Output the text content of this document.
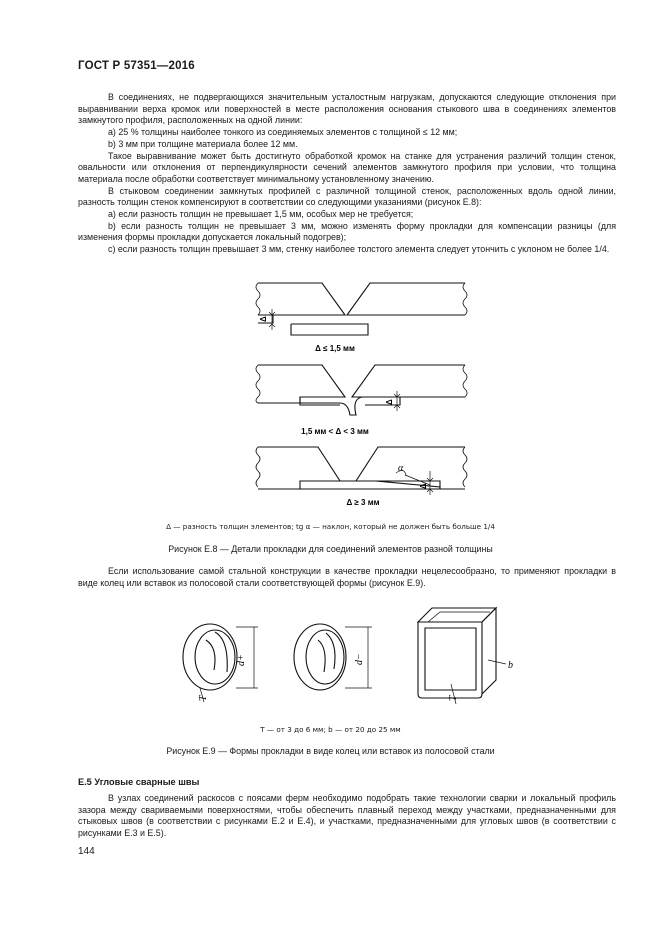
ГОСТ Р 57351—2016

В соединениях, не подвергающихся значительным усталостным нагрузкам, допускаются следующие отклонения при выравнивании верха кромок или поверхностей в месте расположения основания стыкового шва в соединениях элементов замкнутого профиля, расположенных на одной линии:

a) 25 % толщины наиболее тонкого из соединяемых элементов с толщиной ≤ 12 мм;

b) 3 мм при толщине материала более 12 мм.

Такое выравнивание может быть достигнуто обработкой кромок на станке для устранения различий толщин стенок, овальности или отклонения от перпендикулярности сечений элементов замкнутого профиля при условии, что толщина материала после обработки соответствует минимальному установленному значению.

В стыковом соединении замкнутых профилей с различной толщиной стенок, расположенных вдоль одной линии, разность толщин стенок компенсируют в соответствии со следующими указаниями (рисунок Е.8):

a) если разность толщин не превышает 1,5 мм, особых мер не требуется;

b) если разность толщин не превышает 3 мм, можно изменять форму прокладки для компенсации разницы (для изменения формы прокладки допускается локальный подогрев);

c) если разность толщин превышает 3 мм, стенку наиболее толстого элемента следует утончить с уклоном не более 1/4.

Δ
Δ
Δ
α
Δ ≤ 1,5 мм
1,5 мм < Δ < 3 мм
Δ ≥ 3 мм
Δ — разность толщин элементов; tg α — наклон, который не должен быть больше 1/4
Рисунок Е.8 — Детали прокладки для соединений элементов разной толщины

Если использование самой стальной конструкции в качестве прокладки нецелесообразно, то применяют прокладки в виде колец или вставок из полосовой стали соответствующей формы (рисунок Е.9).

d+	d−
T
b
T
T — от 3 до 6 мм; b — от 20 до 25 мм
Рисунок Е.9 — Формы прокладки в виде колец или вставок из полосовой стали
Е.5 Угловые сварные швы

В узлах соединений раскосов с поясами ферм необходимо подобрать такие технологии сварки и локальный профиль зазора между свариваемыми поверхностями, чтобы обеспечить плавный переход между участками, предназначенными для стыковых швов (в соответствии с рисунками Е.2 и Е.4), и участками, предназначенными для угловых швов (в соответствии с рисунками Е.3 и Е.5).

144
